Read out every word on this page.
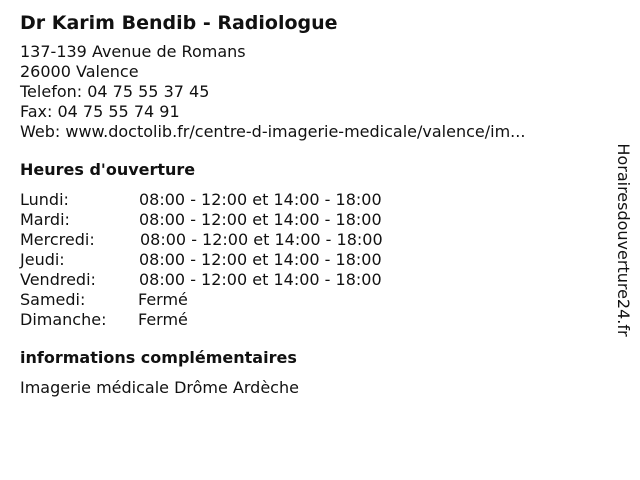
Dr Karim Bendib - Radiologue
137-139 Avenue de Romans
26000 Valence
Telefon: 04 75 55 37 45
Fax: 04 75 55 74 91
Web: www.doctolib.fr/centre-d-imagerie-medicale/valence/im...
Heures d'ouverture
Lundi:	08:00 - 12:00 et 14:00 - 18:00
Mardi:	08:00 - 12:00 et 14:00 - 18:00
Mercredi:	08:00 - 12:00 et 14:00 - 18:00
Jeudi:	08:00 - 12:00 et 14:00 - 18:00
Vendredi:	08:00 - 12:00 et 14:00 - 18:00
Samedi:	Fermé
Dimanche: Fermé
informations complémentaires
Imagerie médicale Drôme Ardèche
Horairesdouverture24.fr
